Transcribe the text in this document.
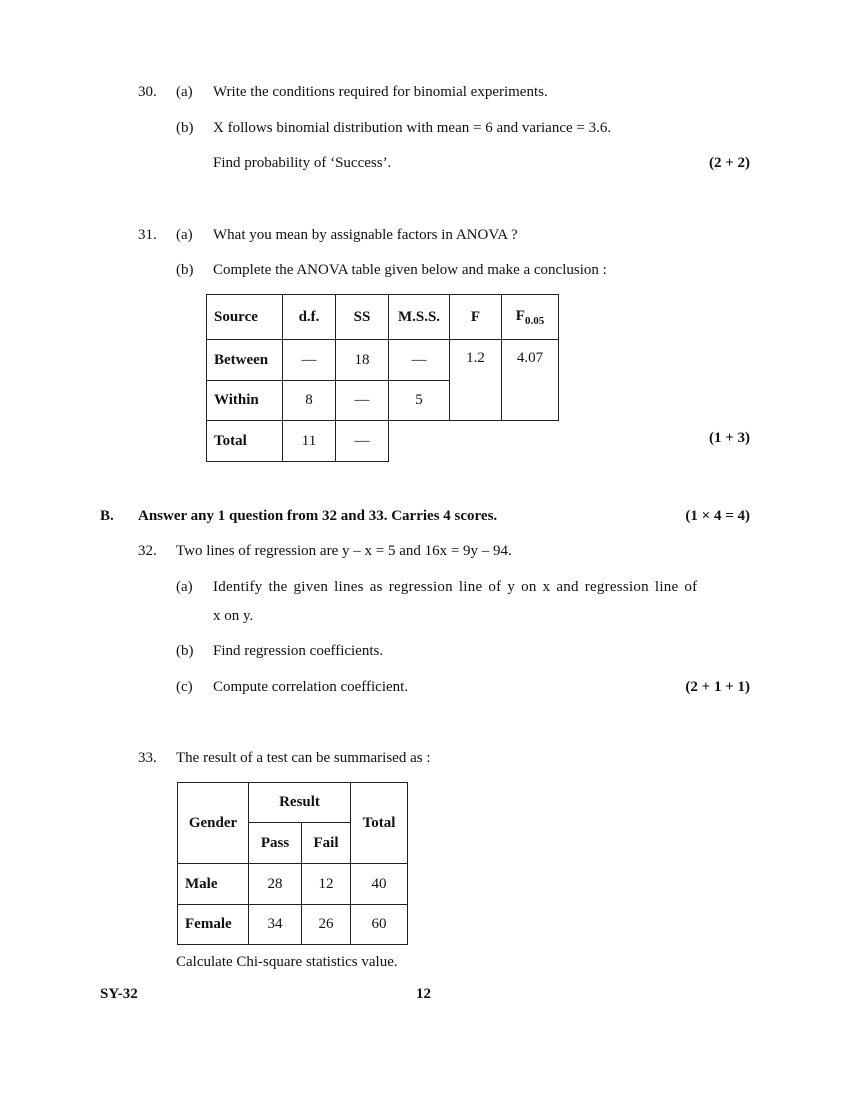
30. (a) Write the conditions required for binomial experiments.
(b) X follows binomial distribution with mean = 6 and variance = 3.6.
Find probability of ‘Success’.	(2 + 2)
31. (a) What you mean by assignable factors in ANOVA ?
(b) Complete the ANOVA table given below and make a conclusion :
Source	d.f.	SS	M.S.S.	F	$F_{0.05}$
Between	—	18	—	1.2	4.07
Within	8	—	5		
Total	11	—				(1 + 3)
B. Answer any 1 question from 32 and 33. Carries 4 scores.	(1 × 4 = 4)
32. Two lines of regression are y – x = 5 and 16x = 9y – 94.
(a) Identify the given lines as regression line of y on x and regression line of
x on y.
(b) Find regression coefficients.
(c) Compute correlation coefficient.	(2 + 1 + 1)
33. The result of a test can be summarised as :
Gender	Result		Total
	Pass	Fail	
Male	28	12	40
Female	34	26	60
Calculate Chi-square statistics value.
SY-32	12
